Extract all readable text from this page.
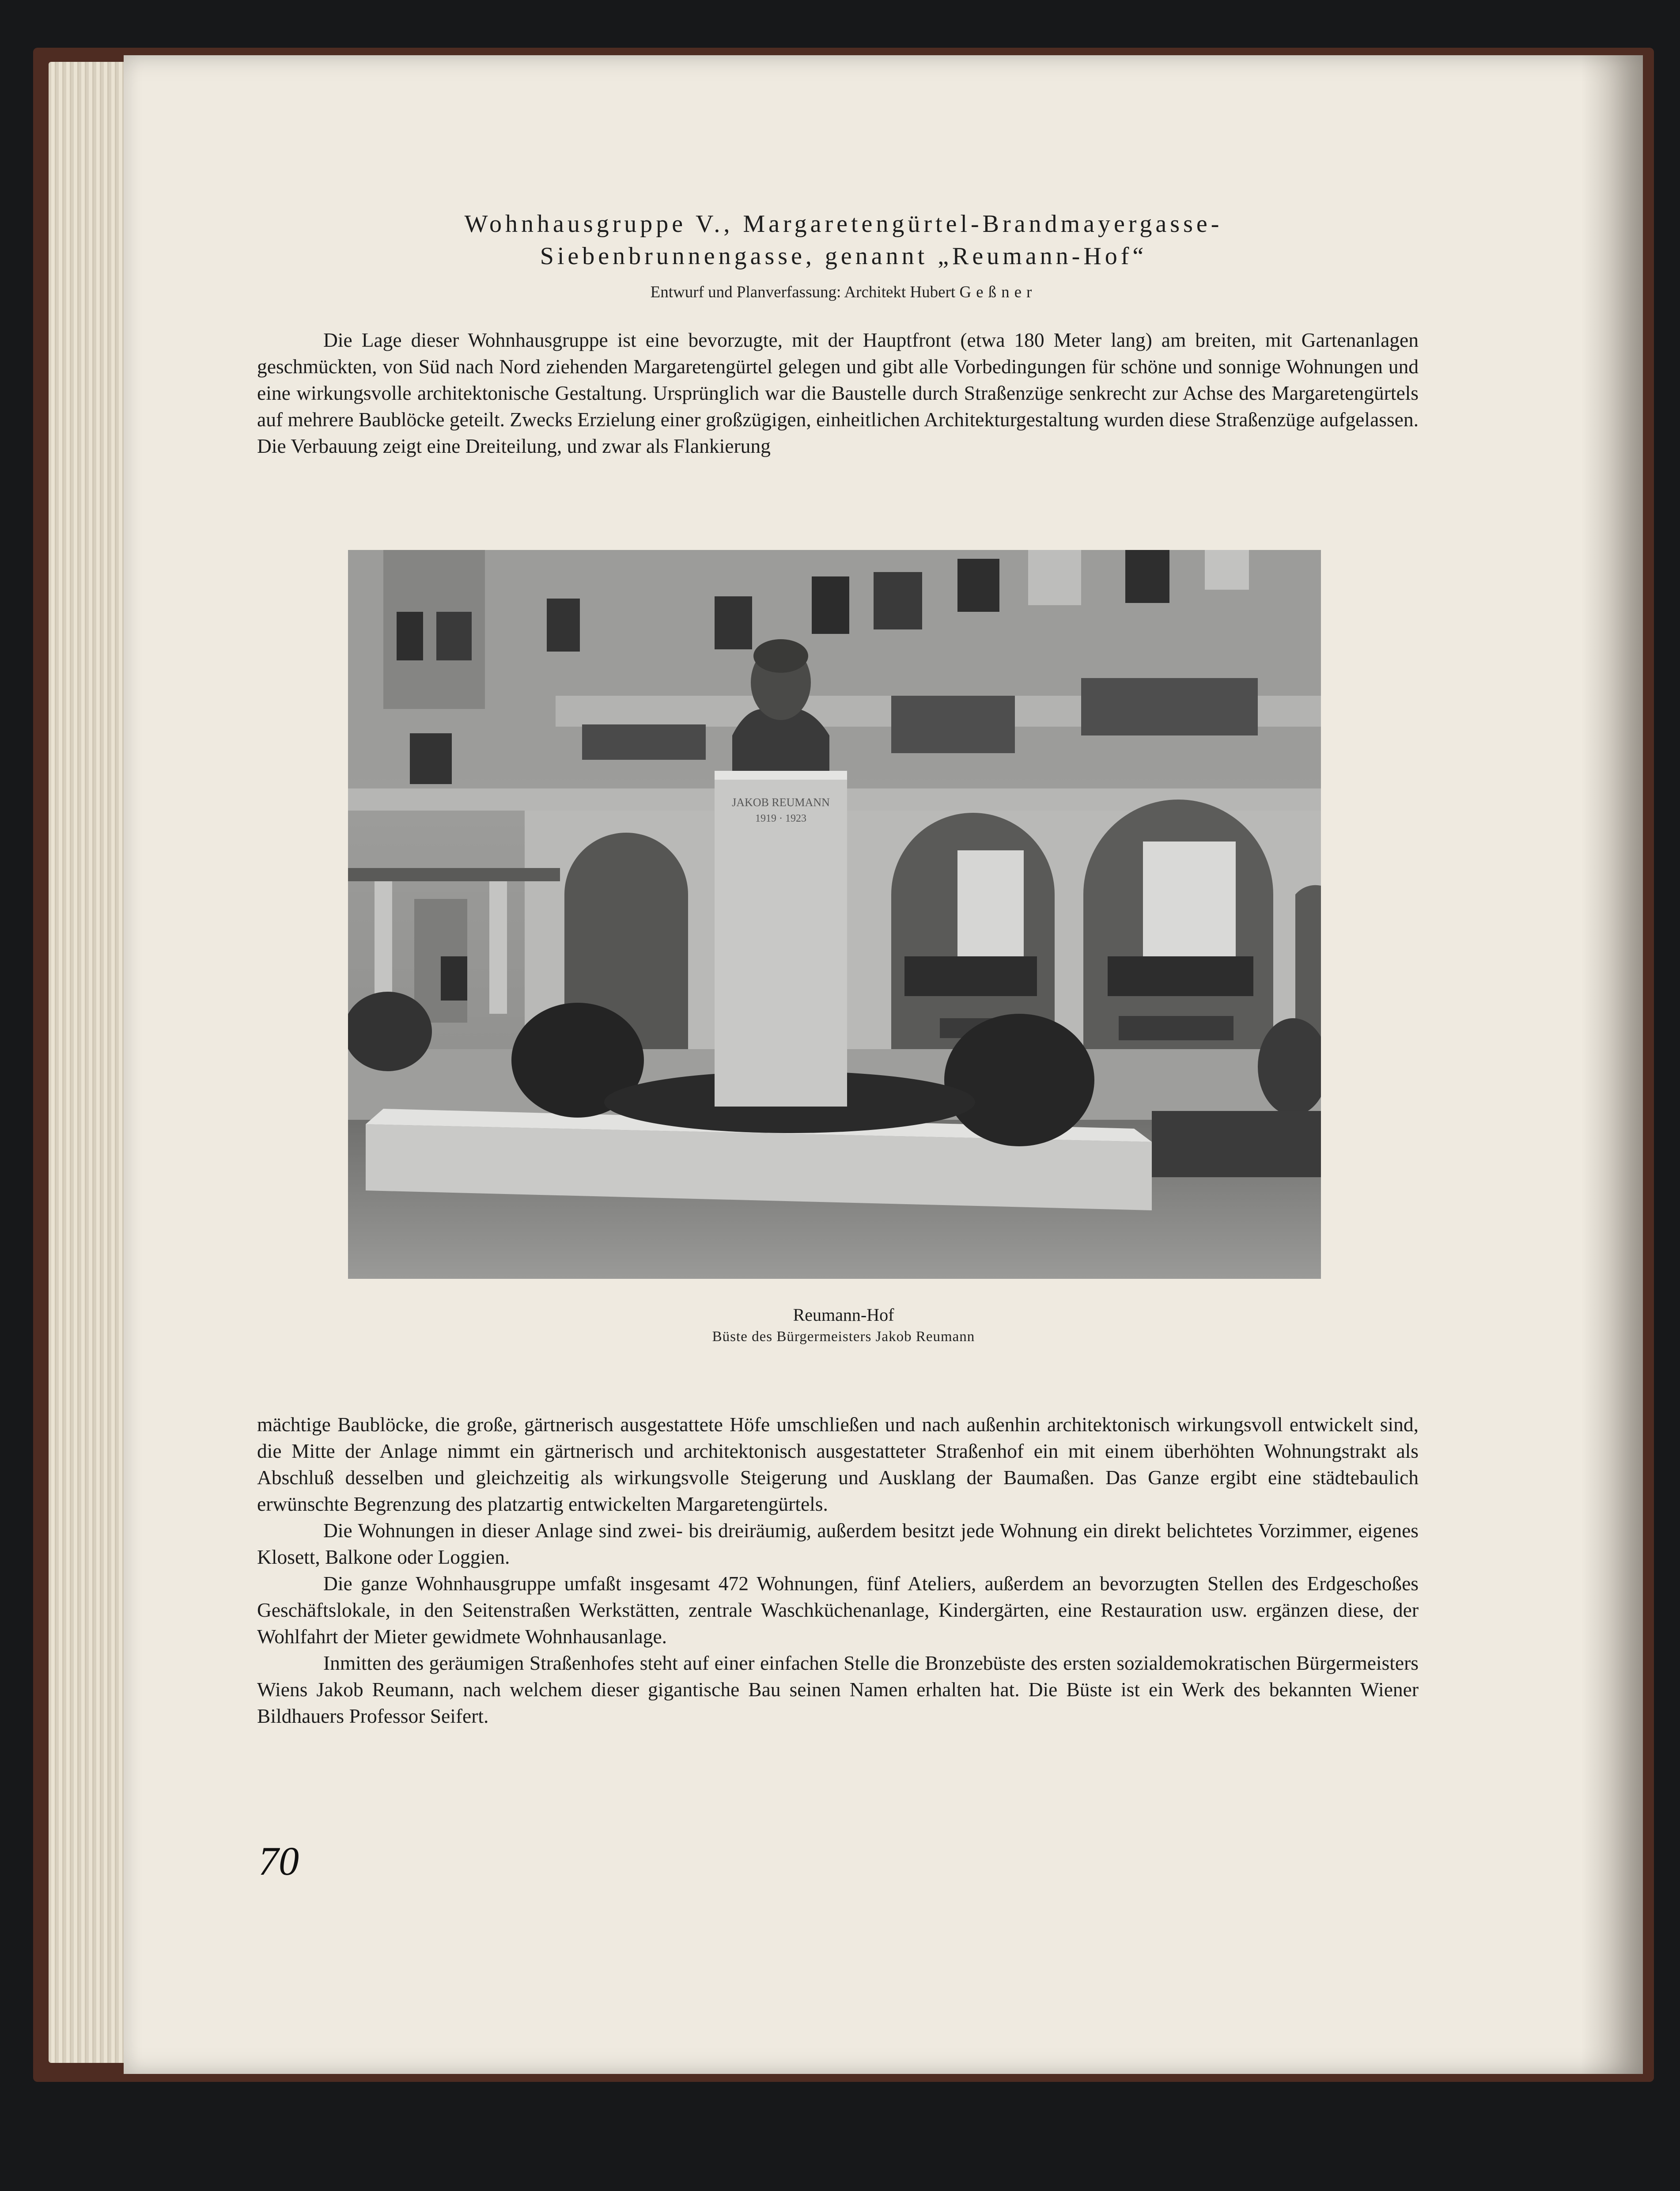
Wohnhausgruppe V., Margaretengürtel-Brandmayergasse-
Siebenbrunnengasse, genannt „Reumann-Hof“
Entwurf und Planverfassung: Architekt Hubert Geßner

Die Lage dieser Wohnhausgruppe ist eine bevorzugte, mit der Hauptfront (etwa 180 Meter lang) am breiten, mit Gartenanlagen geschmückten, von Süd nach Nord ziehenden Margaretengürtel gelegen und gibt alle Vorbedingungen für schöne und sonnige Wohnungen und eine wirkungsvolle architektonische Gestaltung. Ursprünglich war die Baustelle durch Straßenzüge senkrecht zur Achse des Margaretengürtels auf mehrere Baublöcke geteilt. Zwecks Erzielung einer großzügigen, einheitlichen Architekturgestaltung wurden diese Straßenzüge aufgelassen. Die Verbauung zeigt eine Dreiteilung, und zwar als Flankierung

JAKOB REUMANN
1919 · 1923
Reumann-Hof
Büste des Bürgermeisters Jakob Reumann

mächtige Baublöcke, die große, gärtnerisch ausgestattete Höfe umschließen und nach außenhin architektonisch wirkungsvoll entwickelt sind, die Mitte der Anlage nimmt ein gärtnerisch und architektonisch ausgestatteter Straßenhof ein mit einem überhöhten Wohnungstrakt als Abschluß desselben und gleichzeitig als wirkungsvolle Steigerung und Ausklang der Baumaßen. Das Ganze ergibt eine städtebaulich erwünschte Begrenzung des platzartig entwickelten Margaretengürtels.

Die Wohnungen in dieser Anlage sind zwei- bis dreiräumig, außerdem besitzt jede Wohnung ein direkt belichtetes Vorzimmer, eigenes Klosett, Balkone oder Loggien.

Die ganze Wohnhausgruppe umfaßt insgesamt 472 Wohnungen, fünf Ateliers, außerdem an bevorzugten Stellen des Erdgeschoßes Geschäftslokale, in den Seitenstraßen Werkstätten, zentrale Waschküchenanlage, Kindergärten, eine Restauration usw. ergänzen diese, der Wohlfahrt der Mieter gewidmete Wohnhausanlage.

Inmitten des geräumigen Straßenhofes steht auf einer einfachen Stelle die Bronzebüste des ersten sozialdemokratischen Bürgermeisters Wiens Jakob Reumann, nach welchem dieser gigantische Bau seinen Namen erhalten hat. Die Büste ist ein Werk des bekannten Wiener Bildhauers Professor Seifert.

70
